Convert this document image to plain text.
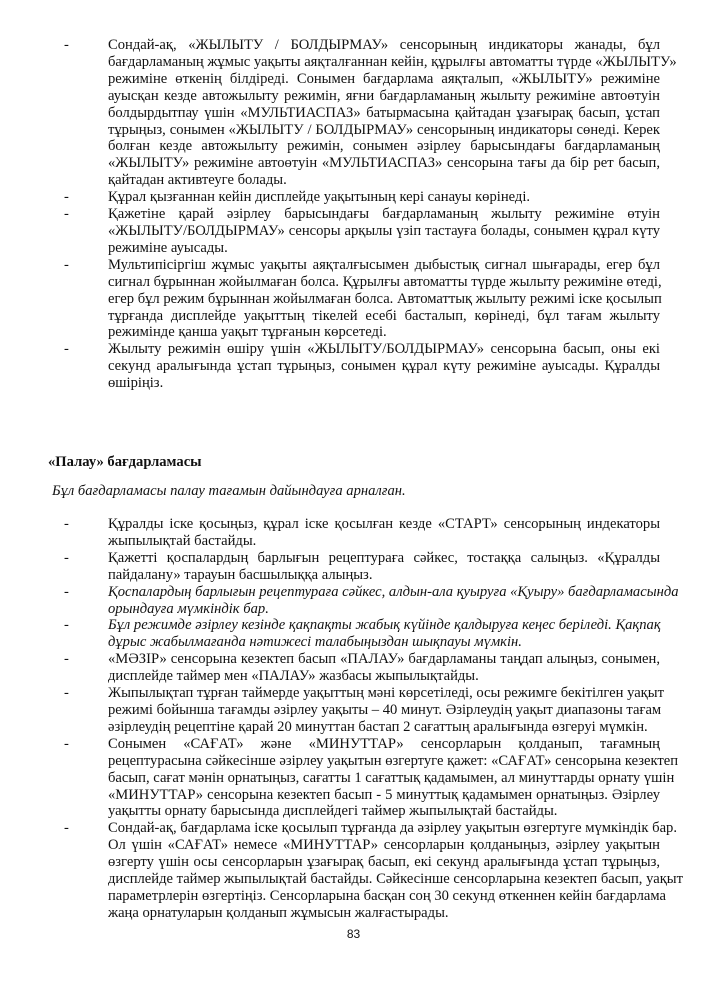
-	Сондай-ақ, «ЖЫЛЫТУ / БОЛДЫРМАУ» сенсорының индикаторы жанады, бұл
бағдарламаның жұмыс уақыты аяқталғаннан кейін, құрылғы автоматты түрде «ЖЫЛЫТУ»
режиміне өткенің білдіреді. Сонымен бағдарлама аяқталып, «ЖЫЛЫТУ» режиміне
ауысқан кезде автожылыту режимін, яғни бағдарламаның жылыту режиміне автоөтуін
болдырдытпау үшін «МУЛЬТИАСПАЗ» батырмасына қайтадан ұзағырақ басып, ұстап
тұрыңыз, сонымен «ЖЫЛЫТУ / БОЛДЫРМАУ» сенсорының индикаторы сөнеді. Керек
болған кезде автожылыту режимін, сонымен әзірлеу барысындағы бағдарламаның
«ЖЫЛЫТУ» режиміне автоөтуін «МУЛЬТИАСПАЗ» сенсорына тағы да бір рет басып,
қайтадан активтеуге болады.
-	Құрал қызғаннан кейін дисплейде уақытының кері санауы көрінеді.
-	Қажетіне қарай әзірлеу барысындағы бағдарламаның жылыту режиміне өтуін
«ЖЫЛЫТУ/БОЛДЫРМАУ» сенсоры арқылы үзіп тастауға болады, сонымен құрал күту
режиміне ауысады.
-	Мультипісіргіш жұмыс уақыты аяқталғысымен дыбыстық сигнал шығарады, егер бұл
сигнал бұрыннан жойылмаған болса. Құрылғы автоматты түрде жылыту режиміне өтеді,
егер бұл режим бұрыннан жойылмаған болса. Автоматтық жылыту режимі іске қосылып
тұрғанда дисплейде уақыттың тікелей есебі басталып, көрінеді, бұл тағам жылыту
режимінде қанша уақыт тұрғанын көрсетеді.
-	Жылыту режимін өшіру үшін «ЖЫЛЫТУ/БОЛДЫРМАУ» сенсорына басып, оны екі
секунд аралығында ұстап тұрыңыз, сонымен құрал күту режиміне ауысады. Құралды
өшіріңіз.
«Палау» бағдарламасы
Бұл бағдарламасы палау тағамын дайындауға арналған.
-	Құралды іске қосыңыз, құрал іске қосылған кезде «СТАРТ» сенсорының индекаторы
жыпылықтай бастайды.
-	Қажетті қоспалардың барлығын рецептураға сәйкес, тостаққа салыңыз. «Құралды
пайдалану» тарауын басшылыққа алыңыз.
-	Қоспалардың барлығын рецептураға сәйкес, алдын-ала қуыруға «Қуыру» бағдарламасында
орындауға мүмкіндік бар.
-	Бұл режимде әзірлеу кезінде қақпақты жабық күйінде қалдыруға кеңес беріледі. Қақпақ
дұрыс жабылмағанда нәтижесі талабыңыздан шықпауы мүмкін.
-	«МӘЗІР» сенсорына кезектеп басып «ПАЛАУ» бағдарламаны таңдап алыңыз, сонымен,
дисплейде таймер мен «ПАЛАУ» жазбасы жыпылықтайды.
-	Жыпылықтап тұрған таймерде уақыттың мәні көрсетіледі, осы режимге бекітілген уақыт
режимі бойынша тағамды әзірлеу уақыты – 40 минут. Әзірлеудің уақыт диапазоны тағам
әзірлеудің рецептіне қарай 20 минуттан бастап 2 сағаттың аралығында өзгеруі мүмкін.
-	Сонымен «САҒАТ» және «МИНУТТАР» сенсорларын қолданып, тағамның
рецептурасына сәйкесінше әзірлеу уақытын өзгертуге қажет: «САҒАТ» сенсорына кезектеп
басып, сағат мәнін орнатыңыз, сағатты 1 сағаттық қадамымен, ал минуттарды орнату үшін
«МИНУТТАР» сенсорына кезектеп басып - 5 минуттық қадамымен орнатыңыз. Әзірлеу
уақытты орнату барысында дисплейдегі таймер жыпылықтай бастайды.
-	Сондай-ақ, бағдарлама іске қосылып тұрғанда да әзірлеу уақытын өзгертуге мүмкіндік бар.
Ол үшін «САҒАТ» немесе «МИНУТТАР» сенсорларын қолданыңыз, әзірлеу уақытын
өзгерту үшін осы сенсорларын ұзағырақ басып, екі секунд аралығында ұстап тұрыңыз,
дисплейде таймер жыпылықтай бастайды. Сәйкесінше сенсорларына кезектеп басып, уақыт
параметрлерін өзгертіңіз. Сенсорларына басқан соң 30 секунд өткеннен кейін бағдарлама
жаңа орнатуларын қолданып жұмысын жалғастырады.
83
